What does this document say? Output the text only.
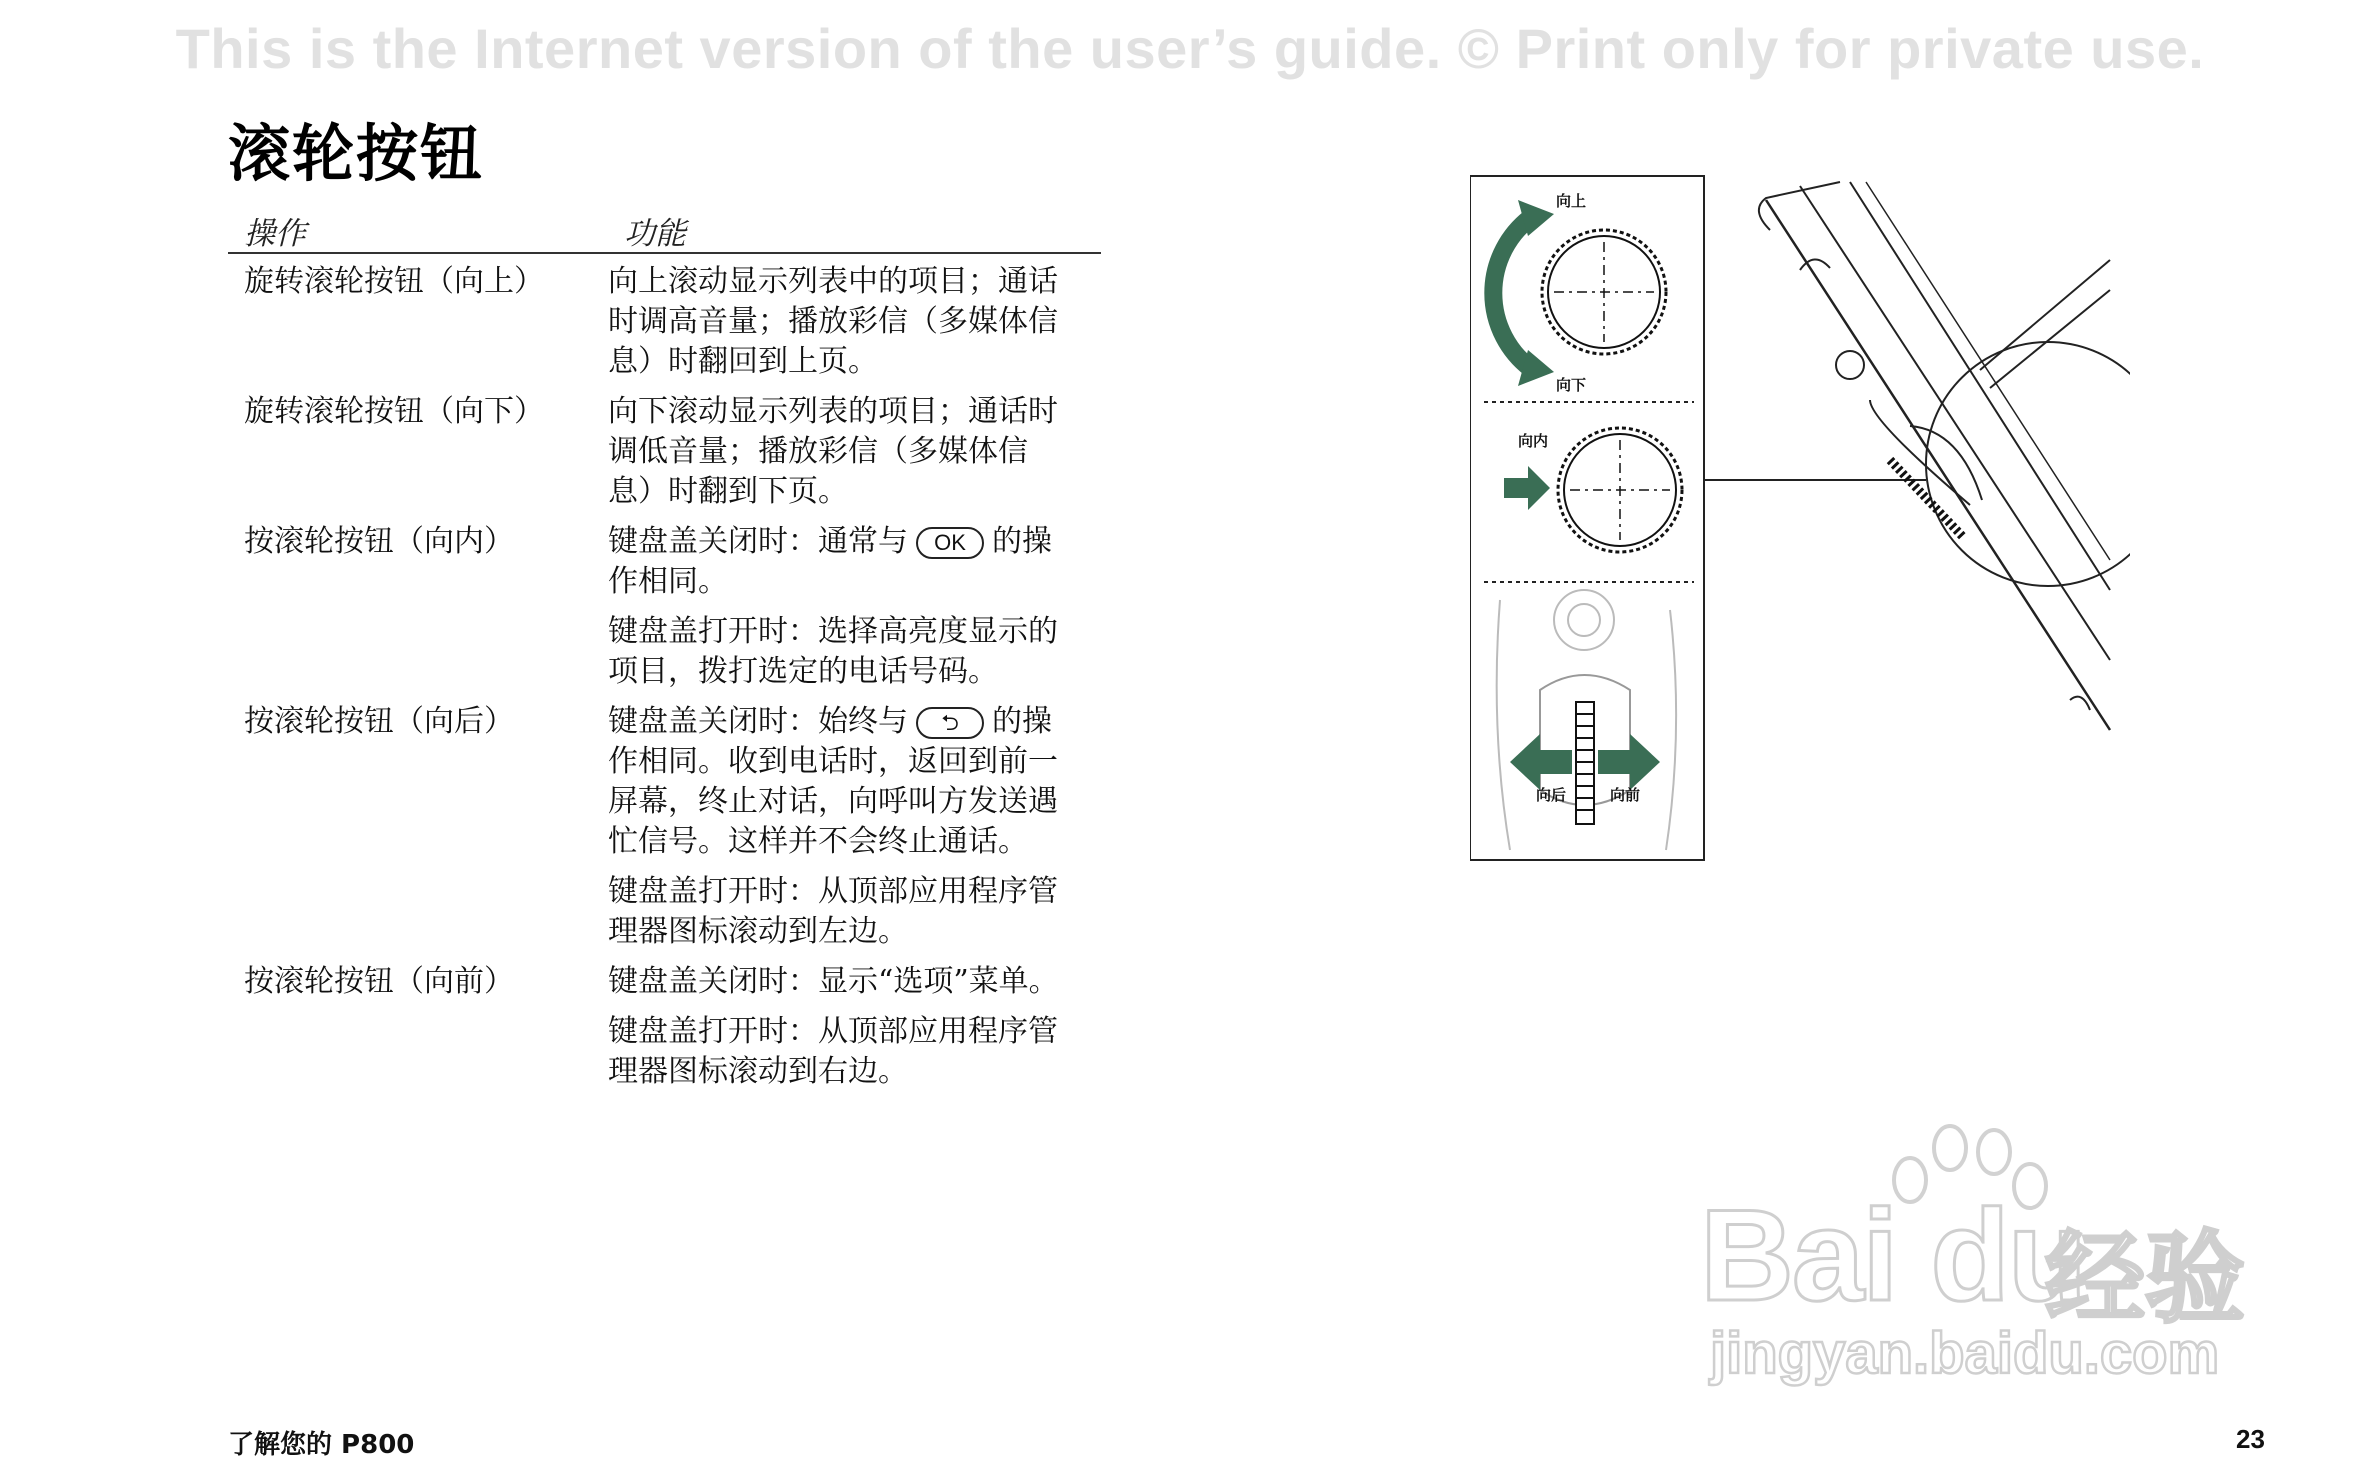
This is the Internet version of the user’s guide. © Print only for private use.
滚轮按钮
操作	功能
旋转滚轮按钮（向上）	向上滚动显示列表中的项目；通话时调高音量；播放彩信（多媒体信息）时翻回到上页。

旋转滚轮按钮（向下）	向下滚动显示列表的项目；通话时调低音量；播放彩信（多媒体信息）时翻到下页。

按滚轮按钮（向内）	键盘盖关闭时：通常与 OK 的操作相同。

键盘盖打开时：选择高亮度显示的项目，拨打选定的电话号码。

按滚轮按钮（向后）	键盘盖关闭时：始终与 ⮌ 的操作相同。收到电话时，返回到前一屏幕，终止对话，向呼叫方发送遇忙信号。这样并不会终止通话。

键盘盖打开时：从顶部应用程序管理器图标滚动到左边。

按滚轮按钮（向前）	键盘盖关闭时：显示“选项”菜单。

键盘盖打开时：从顶部应用程序管理器图标滚动到右边。

向上
向下
向内
向后	向前
Bai du
经验
jingyan.baidu.com
了解您的 P800	23
